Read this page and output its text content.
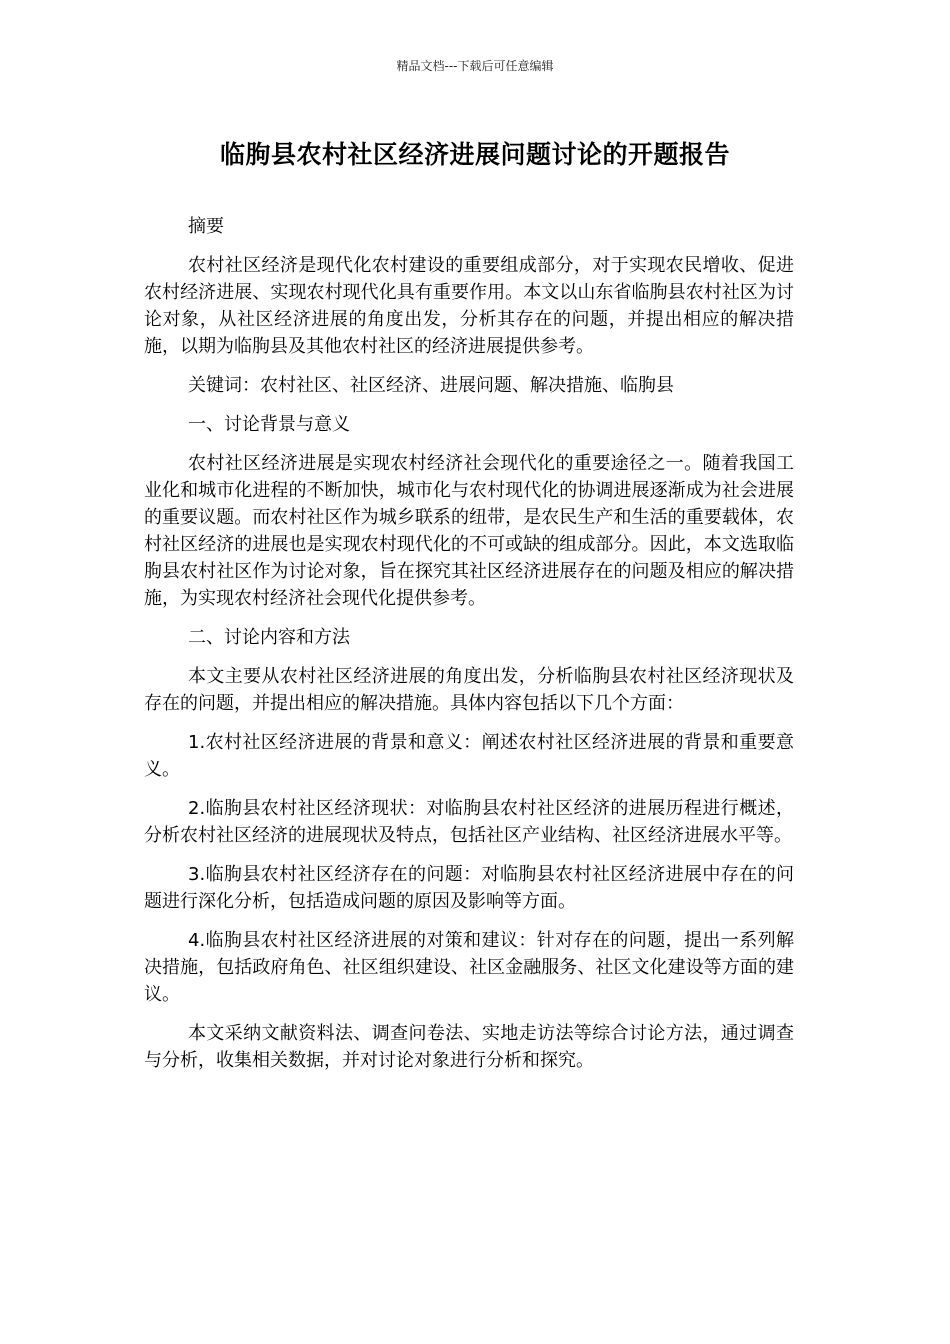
精品文档---下载后可任意编辑
临朐县农村社区经济进展问题讨论的开题报告

摘要

农村社区经济是现代化农村建设的重要组成部分，对于实现农民增收、促进农村经济进展、实现农村现代化具有重要作用。本文以山东省临朐县农村社区为讨论对象，从社区经济进展的角度出发，分析其存在的问题，并提出相应的解决措施，以期为临朐县及其他农村社区的经济进展提供参考。

关键词：农村社区、社区经济、进展问题、解决措施、临朐县

一、讨论背景与意义

农村社区经济进展是实现农村经济社会现代化的重要途径之一。随着我国工业化和城市化进程的不断加快，城市化与农村现代化的协调进展逐渐成为社会进展的重要议题。而农村社区作为城乡联系的纽带，是农民生产和生活的重要载体，农村社区经济的进展也是实现农村现代化的不可或缺的组成部分。因此，本文选取临朐县农村社区作为讨论对象，旨在探究其社区经济进展存在的问题及相应的解决措施，为实现农村经济社会现代化提供参考。

二、讨论内容和方法

本文主要从农村社区经济进展的角度出发，分析临朐县农村社区经济现状及存在的问题，并提出相应的解决措施。具体内容包括以下几个方面：

1.农村社区经济进展的背景和意义：阐述农村社区经济进展的背景和重要意义。

2.临朐县农村社区经济现状：对临朐县农村社区经济的进展历程进行概述，分析农村社区经济的进展现状及特点，包括社区产业结构、社区经济进展水平等。

3.临朐县农村社区经济存在的问题：对临朐县农村社区经济进展中存在的问题进行深化分析，包括造成问题的原因及影响等方面。

4.临朐县农村社区经济进展的对策和建议：针对存在的问题，提出一系列解决措施，包括政府角色、社区组织建设、社区金融服务、社区文化建设等方面的建议。

本文采纳文献资料法、调查问卷法、实地走访法等综合讨论方法，通过调查与分析，收集相关数据，并对讨论对象进行分析和探究。
